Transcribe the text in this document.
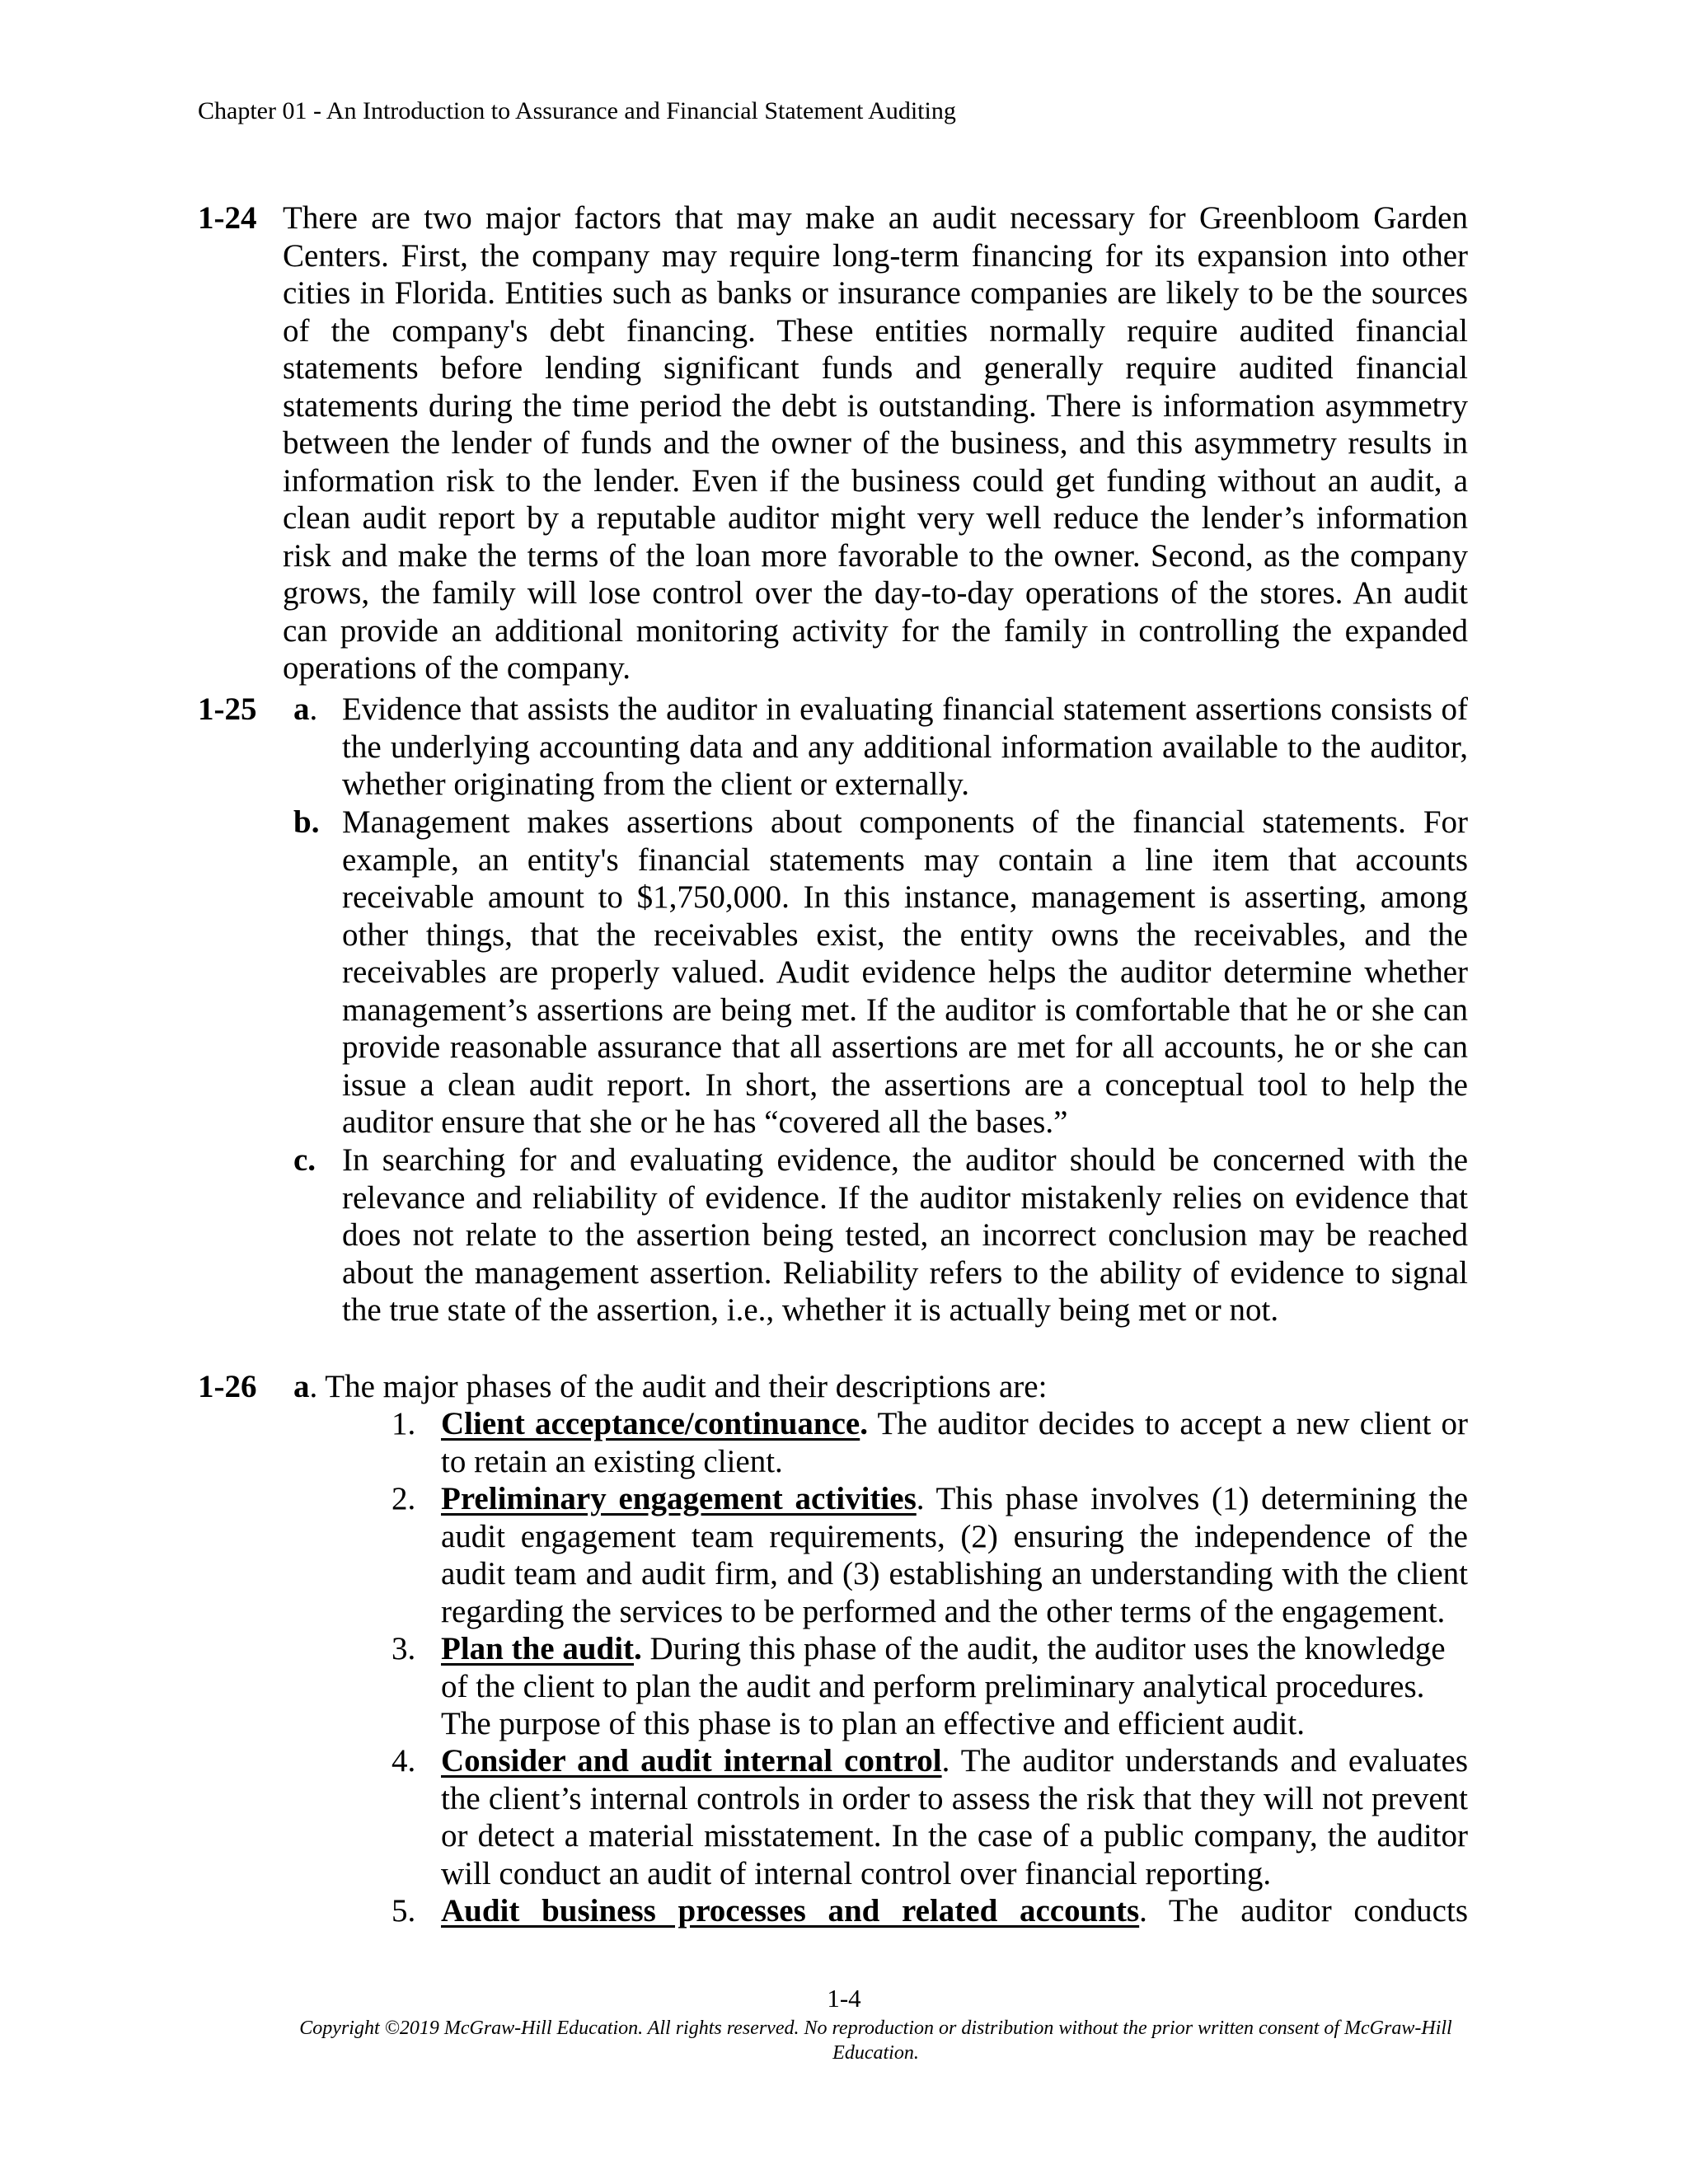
Chapter 01 - An Introduction to Assurance and Financial Statement Auditing
1-24 There are two major factors that may make an audit necessary for Greenbloom Garden Centers. First, the company may require long-term financing for its expansion into other cities in Florida. Entities such as banks or insurance companies are likely to be the sources of the company's debt financing. These entities normally require audited financial statements before lending significant funds and generally require audited financial statements during the time period the debt is outstanding. There is information asymmetry between the lender of funds and the owner of the business, and this asymmetry results in information risk to the lender. Even if the business could get funding without an audit, a clean audit report by a reputable auditor might very well reduce the lender’s information risk and make the terms of the loan more favorable to the owner. Second, as the company grows, the family will lose control over the day-to-day operations of the stores. An audit can provide an additional monitoring activity for the family in controlling the expanded operations of the company.

1-25 a. Evidence that assists the auditor in evaluating financial statement assertions consists of the underlying accounting data and any additional information available to the auditor, whether originating from the client or externally.

b. Management makes assertions about components of the financial statements. For example, an entity's financial statements may contain a line item that accounts receivable amount to $1,750,000. In this instance, management is asserting, among other things, that the receivables exist, the entity owns the receivables, and the receivables are properly valued. Audit evidence helps the auditor determine whether management’s assertions are being met. If the auditor is comfortable that he or she can provide reasonable assurance that all assertions are met for all accounts, he or she can issue a clean audit report. In short, the assertions are a conceptual tool to help the auditor ensure that she or he has “covered all the bases.”

c. In searching for and evaluating evidence, the auditor should be concerned with the relevance and reliability of evidence. If the auditor mistakenly relies on evidence that does not relate to the assertion being tested, an incorrect conclusion may be reached about the management assertion. Reliability refers to the ability of evidence to signal the true state of the assertion, i.e., whether it is actually being met or not.

1-26 a. The major phases of the audit and their descriptions are:
1. Client acceptance/continuance. The auditor decides to accept a new client or to retain an existing client.

2. Preliminary engagement activities. This phase involves (1) determining the audit engagement team requirements, (2) ensuring the independence of the audit team and audit firm, and (3) establishing an understanding with the client regarding the services to be performed and the other terms of the engagement.

3. Plan the audit. During this phase of the audit, the auditor uses the knowledge of the client to plan the audit and perform preliminary analytical procedures.
The purpose of this phase is to plan an effective and efficient audit.

4. Consider and audit internal control. The auditor understands and evaluates the client’s internal controls in order to assess the risk that they will not prevent or detect a material misstatement. In the case of a public company, the auditor will conduct an audit of internal control over financial reporting.

5. Audit business processes and related accounts. The auditor conducts

1-4
Copyright ©2019 McGraw-Hill Education. All rights reserved. No reproduction or distribution without the prior written consent of McGraw-Hill Education.
